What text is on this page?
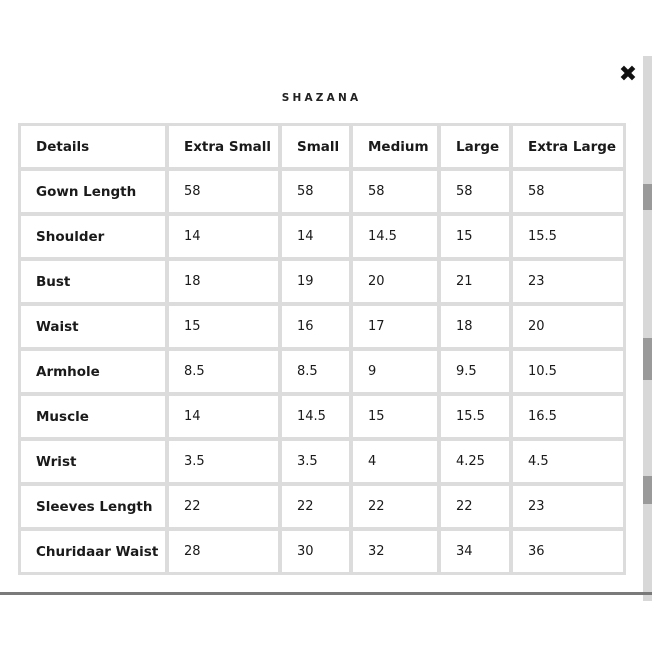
✖
SHAZANA
Details	Extra Small	Small	Medium	Large	Extra Large
Gown Length	58	58	58	58	58
Shoulder	14	14	14.5	15	15.5
Bust	18	19	20	21	23
Waist	15	16	17	18	20
Armhole	8.5	8.5	9	9.5	10.5
Muscle	14	14.5	15	15.5	16.5
Wrist	3.5	3.5	4	4.25	4.5
Sleeves Length	22	22	22	22	23
Churidaar Waist	28	30	32	34	36
